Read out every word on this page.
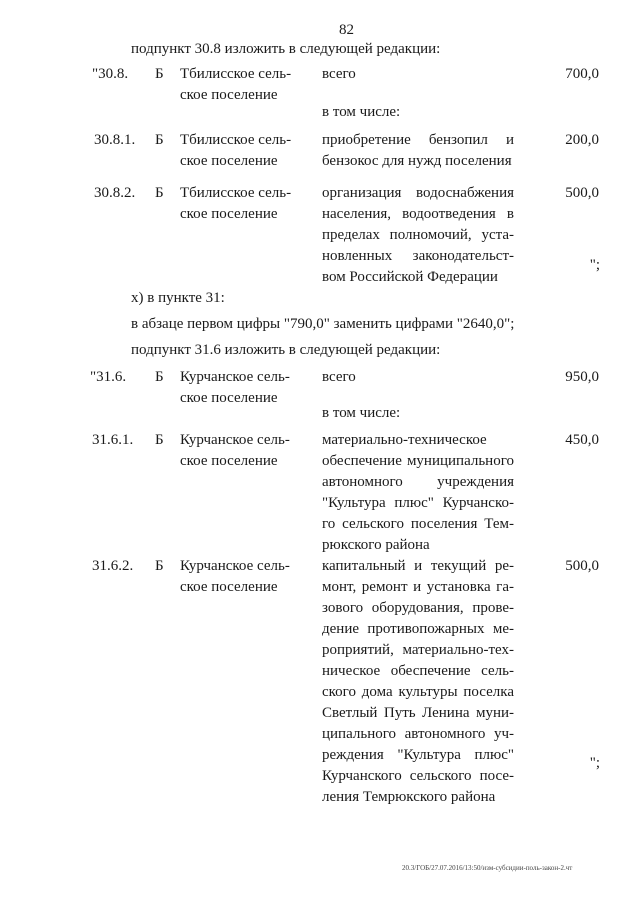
82
подпункт 30.8 изложить в следующей редакции:
"30.8. Б Тбилисское сель-
ское поселение
всего	700,0
в том числе:
30.8.1. Б Тбилисское сель-
ское поселение
приобретение бензопил и
бензокос для нужд поселения
200,0
30.8.2. Б Тбилисское сель-
ское поселение
организация водоснабжения
населения, водоотведения в
пределах полномочий, уста-
новленных законодательст-
вом Российской Федерации
500,0
";
х) в пункте 31:
в абзаце первом цифры "790,0" заменить цифрами "2640,0";
подпункт 31.6 изложить в следующей редакции:
"31.6. Б Курчанское сель-
ское поселение
всего	950,0
в том числе:
31.6.1. Б Курчанское сель-
ское поселение
материально-техническое
обеспечение муниципального
автономного учреждения
"Культура плюс" Курчанско-
го сельского поселения Тем-
рюкского района
450,0
31.6.2. Б Курчанское сель-
ское поселение
капитальный и текущий ре-
монт, ремонт и установка га-
зового оборудования, прове-
дение противопожарных ме-
роприятий, материально-тех-
ническое обеспечение сель-
ского дома культуры поселка
Светлый Путь Ленина муни-
ципального автономного уч-
реждения "Культура плюс"
Курчанского сельского посе-
ления Темрюкского района
500,0
";
20.3/ГОБ/27.07.2016/13:50/изм-субсидии-поль-закон-2.чт
